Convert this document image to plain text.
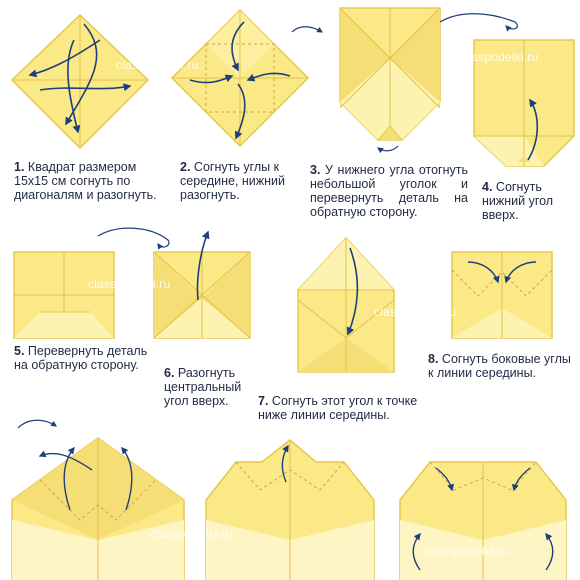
classpodelki.ru
classpodelki.ru
classpodelki.ru
classpodelki.ru
classpodelki.ru
classpodelki.ru
1. Квадрат размером 15x15 см согнуть по диагоналям и разогнуть.
2. Согнуть углы к середине, нижний разогнуть.
3. У нижнего угла отогнуть небольшой уголок и перевернуть деталь на обратную сторону.
4. Согнуть нижний угол вверх.
5. Перевернуть деталь на обратную сторону.
6. Разогнуть центральный угол вверх.	7. Согнуть этот угол к точке ниже линии середины.
8. Согнуть боковые углы к линии середины.
